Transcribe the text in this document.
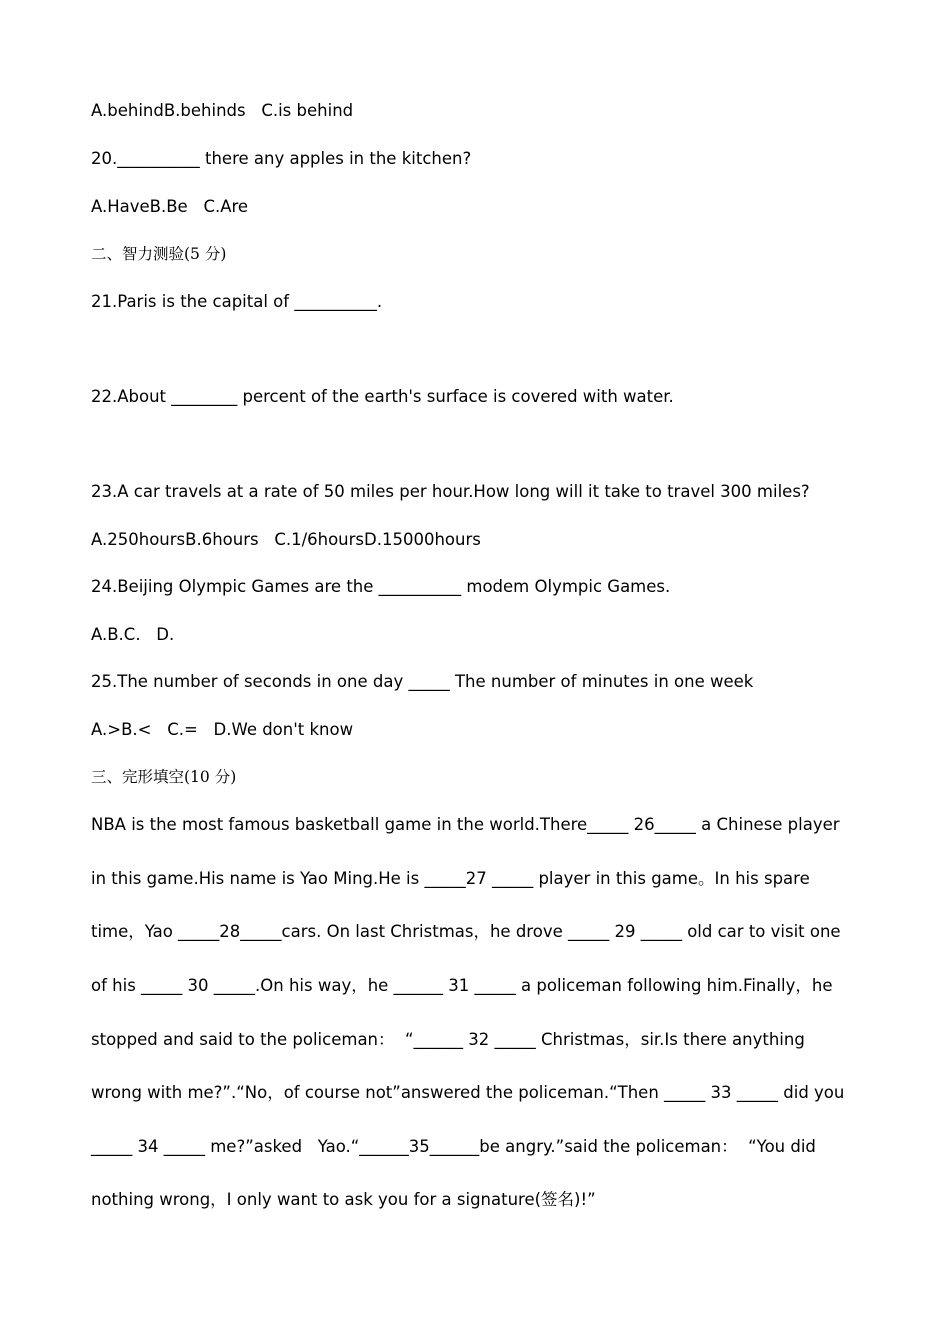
A.behindB.behinds   C.is behind

20.__________ there any apples in the kitchen?

A.HaveB.Be   C.Are

二、智力测验(5 分)

21.Paris is the capital of __________.

22.About ________ percent of the earth's surface is covered with water.

23.A car travels at a rate of 50 miles per hour.How long will it take to travel 300 miles?

A.250hoursB.6hours   C.1/6hoursD.15000hours

24.Beijing Olympic Games are the __________ modem Olympic Games.

A.B.C.   D.

25.The number of seconds in one day _____ The number of minutes in one week

A.>B.<   C.=   D.We don't know

三、完形填空(10 分)

NBA is the most famous basketball game in the world.There_____ 26_____ a Chinese player

in this game.His name is Yao Ming.He is _____27 _____ player in this game。In his spare

time，Yao _____28_____cars. On last Christmas，he drove _____ 29 _____ old car to visit one

of his _____ 30 _____.On his way，he ______ 31 _____ a policeman following him.Finally，he

stopped and said to the policeman：  “______ 32 _____ Christmas，sir.Is there anything

wrong with me?”.“No，of course not”answered the policeman.“Then _____ 33 _____ did you

_____ 34 _____ me?”asked   Yao.“______35______be angry.”said the policeman：  “You did

nothing wrong，I only want to ask you for a signature(签名)!”
